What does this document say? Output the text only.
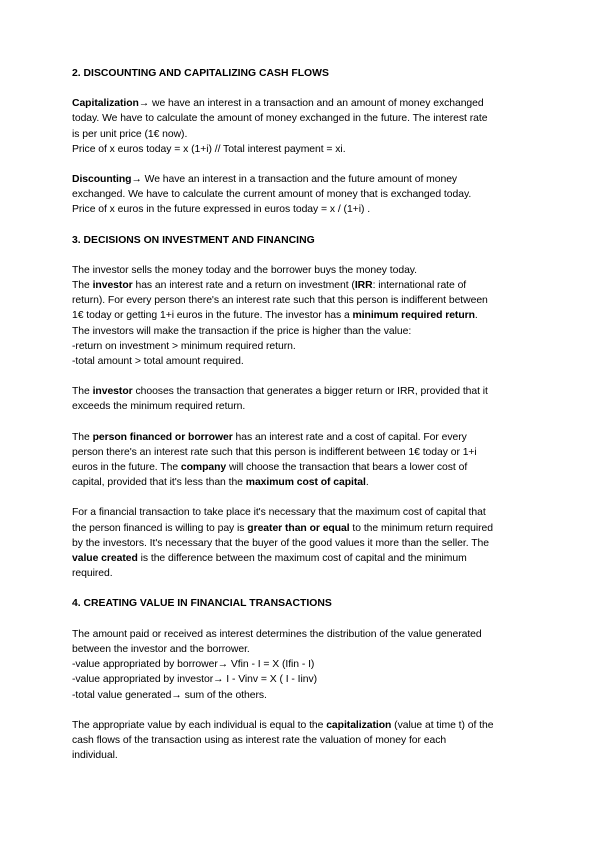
2. DISCOUNTING AND CAPITALIZING CASH FLOWS

Capitalization→ we have an interest in a transaction and an amount of money exchanged

today. We have to calculate the amount of money exchanged in the future. The interest rate

is per unit price (1€ now).

Price of x euros today = x (1+i) // Total interest payment = xi.

Discounting→ We have an interest in a transaction and the future amount of money

exchanged. We have to calculate the current amount of money that is exchanged today.

Price of x euros in the future expressed in euros today = x / (1+i) .

3. DECISIONS ON INVESTMENT AND FINANCING

The investor sells the money today and the borrower buys the money today.

The investor has an interest rate and a return on investment (IRR: international rate of

return). For every person there's an interest rate such that this person is indifferent between

1€ today or getting 1+i euros in the future. The investor has a minimum required return.

The investors will make the transaction if the price is higher than the value:

-return on investment > minimum required return.

-total amount > total amount required.

The investor chooses the transaction that generates a bigger return or IRR, provided that it

exceeds the minimum required return.

The person financed or borrower has an interest rate and a cost of capital. For every

person there's an interest rate such that this person is indifferent between 1€ today or 1+i

euros in the future. The company will choose the transaction that bears a lower cost of

capital, provided that it's less than the maximum cost of capital.

For a financial transaction to take place it's necessary that the maximum cost of capital that

the person financed is willing to pay is greater than or equal to the minimum return required

by the investors. It's necessary that the buyer of the good values it more than the seller. The

value created is the difference between the maximum cost of capital and the minimum

required.

4. CREATING VALUE IN FINANCIAL TRANSACTIONS

The amount paid or received as interest determines the distribution of the value generated

between the investor and the borrower.

-value appropriated by borrower→ Vfin - I = X (Ifin - I)

-value appropriated by investor→ I - Vinv = X ( I - Iinv)

-total value generated→ sum of the others.

The appropriate value by each individual is equal to the capitalization (value at time t) of the

cash flows of the transaction using as interest rate the valuation of money for each

individual.
